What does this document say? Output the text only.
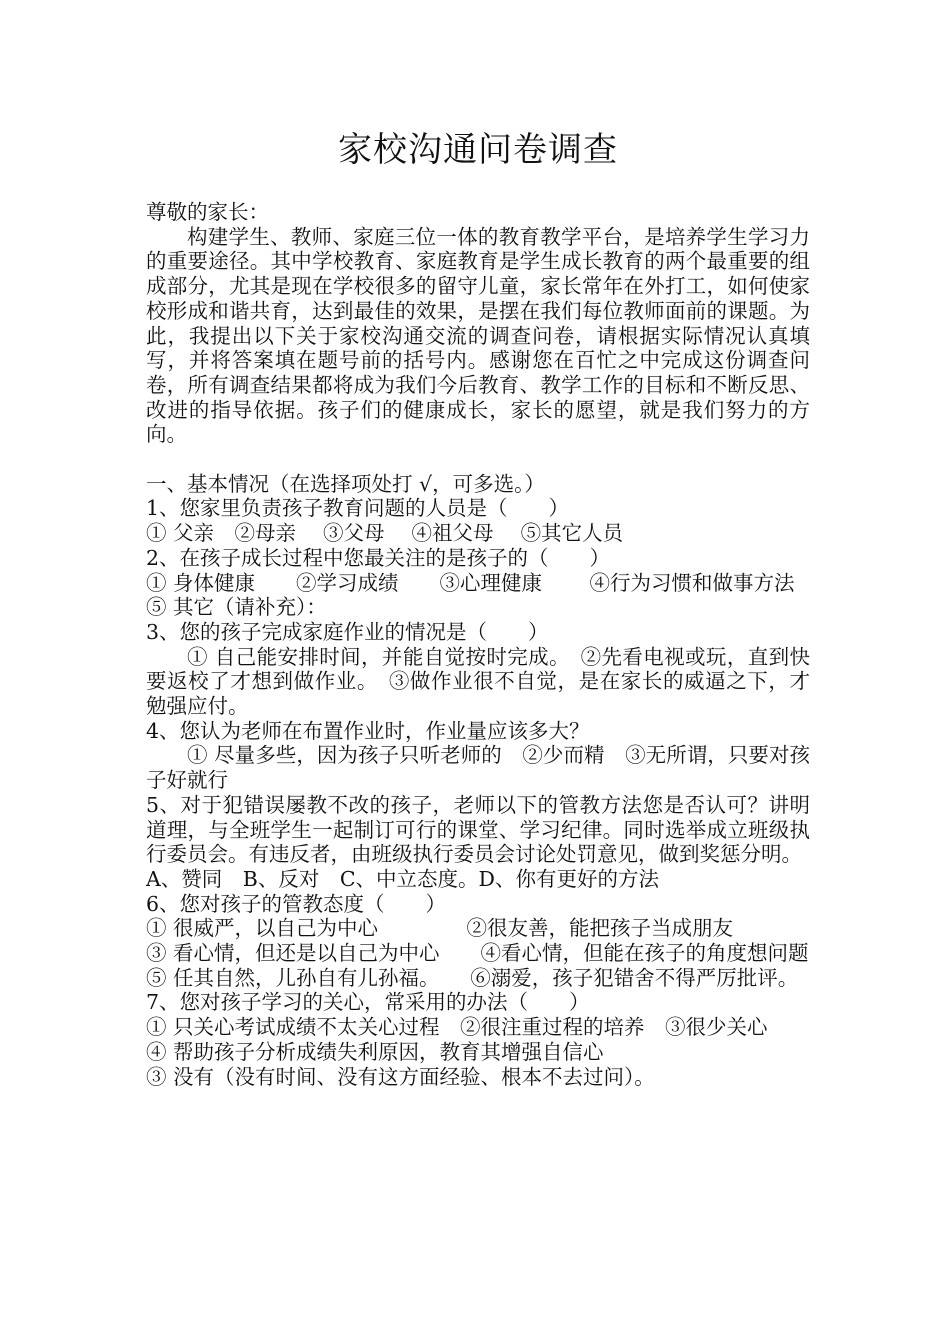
家校沟通问卷调查
尊敬的家长：
构建学生、教师、家庭三位一体的教育教学平台，是培养学生学习力的重要途径。其中学校教育、家庭教育是学生成长教育的两个最重要的组成部分，尤其是现在学校很多的留守儿童，家长常年在外打工，如何使家校形成和谐共育，达到最佳的效果，是摆在我们每位教师面前的课题。为此，我提出以下关于家校沟通交流的调查问卷，请根据实际情况认真填写，并将答案填在题号前的括号内。感谢您在百忙之中完成这份调查问卷，所有调查结果都将成为我们今后教育、教学工作的目标和不断反思、改进的指导依据。孩子们的健康成长，家长的愿望，就是我们努力的方向。
一、基本情况（在选择项处打 √，可多选。）
1、您家里负责孩子教育问题的人员是（　　）
① 父亲　②母亲　 ③父母　 ④祖父母　 ⑤其它人员
2、在孩子成长过程中您最关注的是孩子的（　　）
① 身体健康　　②学习成绩　　③心理健康　　 ④行为习惯和做事方法
⑤ 其它（请补充）：
3、您的孩子完成家庭作业的情况是（　　）
① 自己能安排时间，并能自觉按时完成。　②先看电视或玩，直到快要返校了才想到做作业。　③做作业很不自觉，是在家长的威逼之下，才勉强应付。
4、您认为老师在布置作业时，作业量应该多大？
① 尽量多些，因为孩子只听老师的　②少而精　③无所谓，只要对孩子好就行
5、对于犯错误屡教不改的孩子，老师以下的管教方法您是否认可？讲明道理，与全班学生一起制订可行的课堂、学习纪律。同时选举成立班级执行委员会。有违反者，由班级执行委员会讨论处罚意见，做到奖惩分明。
A、赞同　B、反对　C、中立态度。D、你有更好的方法
6、您对孩子的管教态度（　　）
① 很威严，以自己为中心　　　　 ②很友善，能把孩子当成朋友
③ 看心情，但还是以自己为中心　　④看心情，但能在孩子的角度想问题
⑤ 任其自然，儿孙自有儿孙福。　　⑥溺爱，孩子犯错舍不得严厉批评。
7、您对孩子学习的关心，常采用的办法（　　）
① 只关心考试成绩不太关心过程　②很注重过程的培养　③很少关心
④ 帮助孩子分析成绩失利原因，教育其增强自信心
③ 没有（没有时间、没有这方面经验、根本不去过问）。
